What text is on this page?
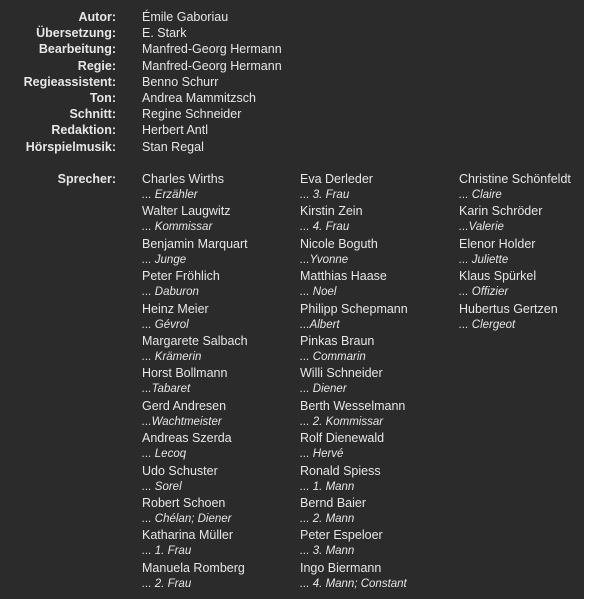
Autor: Émile Gaboriau
Übersetzung: E. Stark
Bearbeitung: Manfred-Georg Hermann
Regie: Manfred-Georg Hermann
Regieassistent: Benno Schurr
Ton: Andrea Mammitzsch
Schnitt: Regine Schneider
Redaktion: Herbert Antl
Hörspielmusik: Stan Regal
Sprecher: Charles Wirths
... Erzähler
Walter Laugwitz
... Kommissar
Benjamin Marquart
... Junge
Peter Fröhlich
... Daburon
Heinz Meier
... Gévrol
Margarete Salbach
... Krämerin
Horst Bollmann
...Tabaret
Gerd Andresen
...Wachtmeister
Andreas Szerda
... Lecoq
Udo Schuster
... Sorel
Robert Schoen
... Chélan; Diener
Katharina Müller
... 1. Frau
Manuela Romberg
... 2. Frau
Eva Derleder
... 3. Frau
Kirstin Zein
... 4. Frau
Nicole Boguth
...Yvonne
Matthias Haase
... Noel
Philipp Schepmann
...Albert
Pinkas Braun
... Commarin
Willi Schneider
... Diener
Berth Wesselmann
... 2. Kommissar
Rolf Dienewald
... Hervé
Ronald Spiess
... 1. Mann
Bernd Baier
... 2. Mann
Peter Espeloer
... 3. Mann
Ingo Biermann
... 4. Mann; Constant
Christine Schönfeldt
... Claire
Karin Schröder
...Valerie
Elenor Holder
... Juliette
Klaus Spürkel
... Offizier
Hubertus Gertzen
... Clergeot
